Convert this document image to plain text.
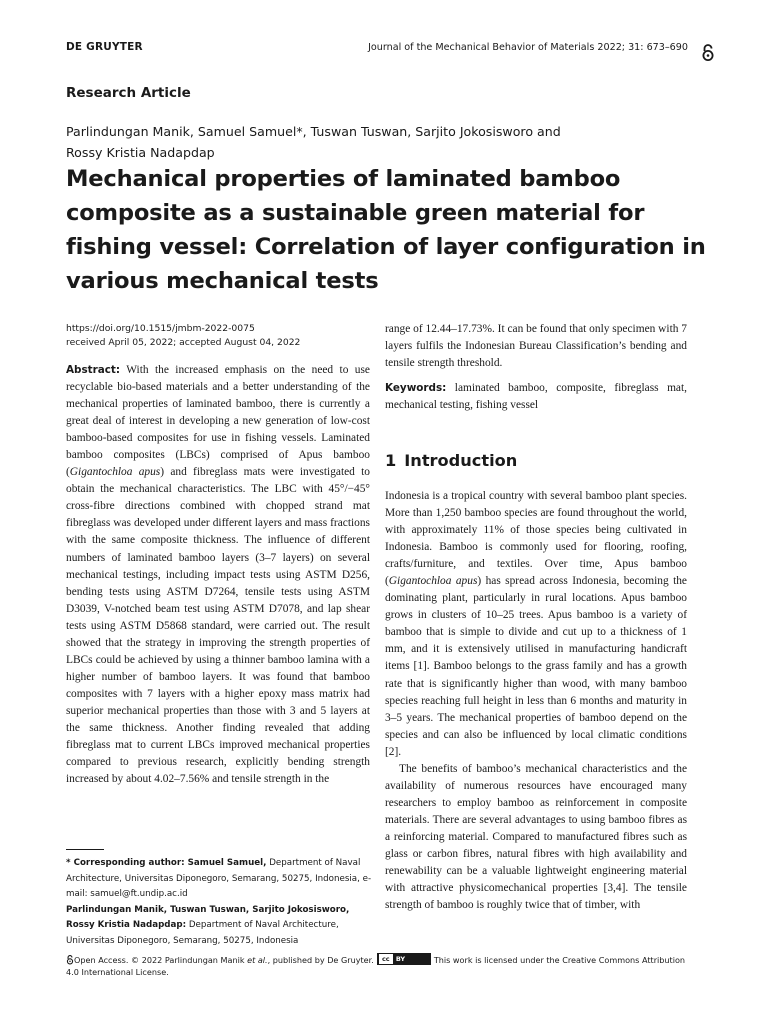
DE GRUYTER	Journal of the Mechanical Behavior of Materials 2022; 31: 673–690
Research Article
Parlindungan Manik, Samuel Samuel*, Tuswan Tuswan, Sarjito Jokosisworo and
Rossy Kristia Nadapdap
Mechanical properties of laminated bamboo composite as a sustainable green material for fishing vessel: Correlation of layer configuration in various mechanical tests
https://doi.org/10.1515/jmbm-2022-0075
received April 05, 2022; accepted August 04, 2022
Abstract: With the increased emphasis on the need to use recyclable bio-based materials and a better understanding of the mechanical properties of laminated bamboo, there is currently a great deal of interest in developing a new generation of low-cost bamboo-based composites for use in fishing vessels. Laminated bamboo composites (LBCs) comprised of Apus bamboo (Gigantochloa apus) and fibreglass mats were investigated to obtain the mechanical characteristics. The LBC with 45°/−45° cross-fibre directions combined with chopped strand mat fibreglass was developed under different layers and mass fractions with the same composite thickness. The influence of different numbers of laminated bamboo layers (3–7 layers) on several mechanical testings, including impact tests using ASTM D256, bending tests using ASTM D7264, tensile tests using ASTM D3039, V-notched beam test using ASTM D7078, and lap shear tests using ASTM D5868 standard, were carried out. The result showed that the strategy in improving the strength properties of LBCs could be achieved by using a thinner bamboo lamina with a higher number of bamboo layers. It was found that bamboo composites with 7 layers with a higher epoxy mass matrix had superior mechanical properties than those with 3 and 5 layers at the same thickness. Another finding revealed that adding fibreglass mat to current LBCs improved mechanical properties compared to previous research, explicitly bending strength increased by about 4.02–7.56% and tensile strength in the
* Corresponding author: Samuel Samuel, Department of Naval Architecture, Universitas Diponegoro, Semarang, 50275, Indonesia, e-mail: samuel@ft.undip.ac.id
Parlindungan Manik, Tuswan Tuswan, Sarjito Jokosisworo, Rossy Kristia Nadapdap: Department of Naval Architecture, Universitas Diponegoro, Semarang, 50275, Indonesia
range of 12.44–17.73%. It can be found that only specimen with 7 layers fulfils the Indonesian Bureau Classification’s bending and tensile strength threshold.
Keywords: laminated bamboo, composite, fibreglass mat, mechanical testing, fishing vessel
1 Introduction

Indonesia is a tropical country with several bamboo plant species. More than 1,250 bamboo species are found throughout the world, with approximately 11% of those species being cultivated in Indonesia. Bamboo is commonly used for flooring, roofing, crafts/furniture, and textiles. Over time, Apus bamboo (Gigantochloa apus) has spread across Indonesia, becoming the dominating plant, particularly in rural locations. Apus bamboo grows in clusters of 10–25 trees. Apus bamboo is a variety of bamboo that is simple to divide and cut up to a thickness of 1 mm, and it is extensively utilised in manufacturing handicraft items [1]. Bamboo belongs to the grass family and has a growth rate that is significantly higher than wood, with many bamboo species reaching full height in less than 6 months and maturity in 3–5 years. The mechanical properties of bamboo depend on the species and can also be influenced by local climatic conditions [2].

The benefits of bamboo’s mechanical characteristics and the availability of numerous resources have encouraged many researchers to employ bamboo as reinforcement in composite materials. There are several advantages to using bamboo fibres as a reinforcing material. Compared to manufactured fibres such as glass or carbon fibres, natural fibres with high availability and renewability can be a valuable lightweight engineering material with attractive physicomechanical properties [3,4]. The tensile strength of bamboo is roughly twice that of timber, with

Open Access. © 2022 Parlindungan Manik et al., published by De Gruyter.	cc BY	This work is licensed under the Creative Commons Attribution 4.0 International License.
